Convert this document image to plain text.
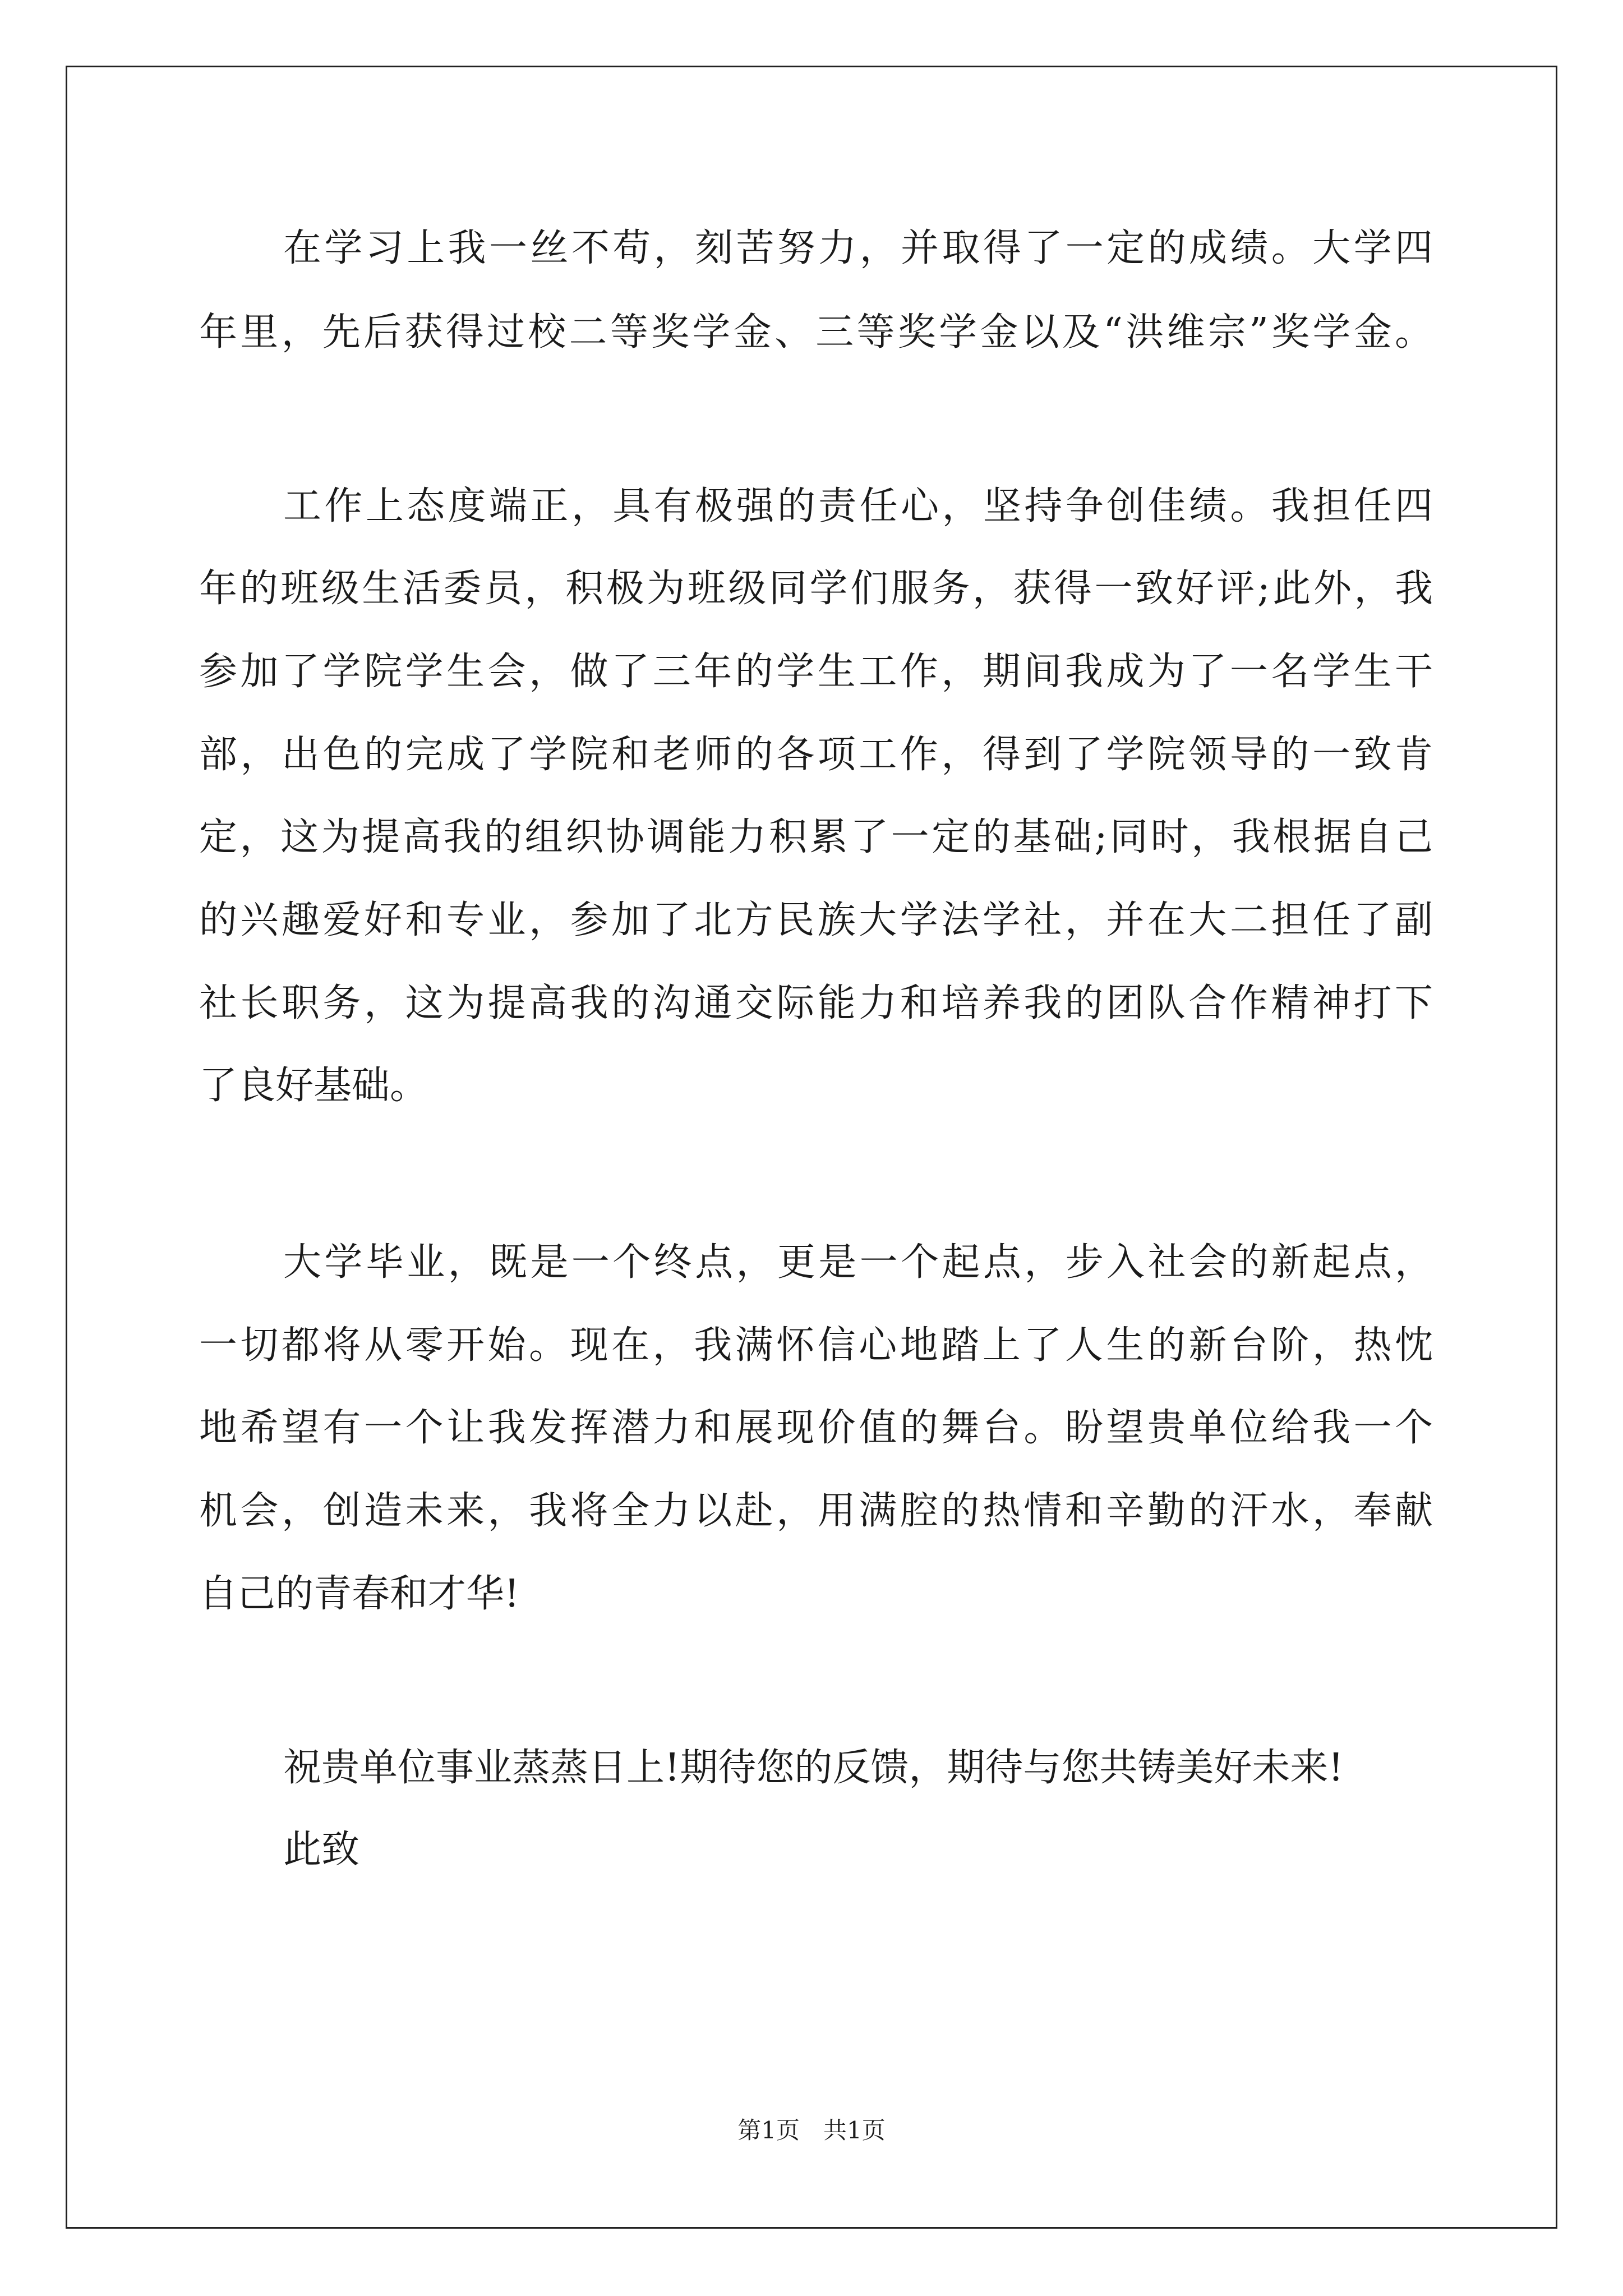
在学习上我一丝不苟，刻苦努力，并取得了一定的成绩。大学四
年里，先后获得过校二等奖学金、三等奖学金以及“洪维宗”奖学金。
工作上态度端正，具有极强的责任心，坚持争创佳绩。我担任四
年的班级生活委员，积极为班级同学们服务，获得一致好评;此外，我
参加了学院学生会，做了三年的学生工作，期间我成为了一名学生干
部，出色的完成了学院和老师的各项工作，得到了学院领导的一致肯
定，这为提高我的组织协调能力积累了一定的基础;同时，我根据自己
的兴趣爱好和专业，参加了北方民族大学法学社，并在大二担任了副
社长职务，这为提高我的沟通交际能力和培养我的团队合作精神打下
了良好基础。
大学毕业，既是一个终点，更是一个起点，步入社会的新起点，
一切都将从零开始。现在，我满怀信心地踏上了人生的新台阶，热忱
地希望有一个让我发挥潜力和展现价值的舞台。盼望贵单位给我一个
机会，创造未来，我将全力以赴，用满腔的热情和辛勤的汗水，奉献
自己的青春和才华!
祝贵单位事业蒸蒸日上!期待您的反馈，期待与您共铸美好未来!
此致
第1页　共1页
